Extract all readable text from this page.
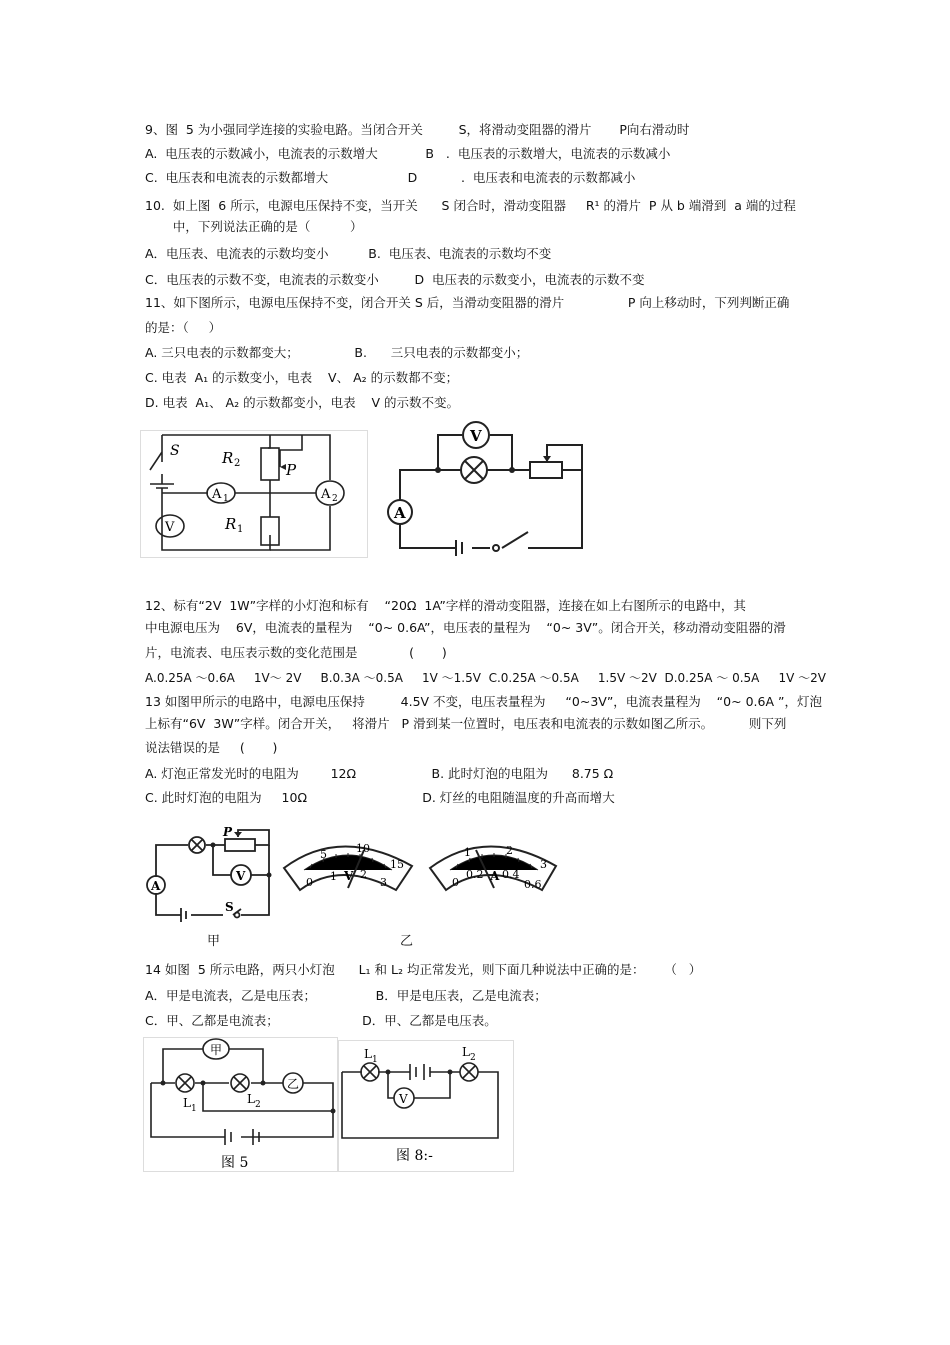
9、图  5 为小强同学连接的实验电路。当闭合开关         S，将滑动变阻器的滑片       P向右滑动时
A.  电压表的示数减小，电流表的示数增大            B   .  电压表的示数增大，电流表的示数减小
C.  电压表和电流表的示数都增大                    D           .  电压表和电流表的示数都减小
10.  如上图  6 所示，电源电压保持不变，当开关      S 闭合时，滑动变阻器     R¹ 的滑片  P 从 b 端滑到  a 端的过程
中，下列说法正确的是（          ）
A．电压表、电流表的示数均变小          B.  电压表、电流表的示数均不变
C．电压表的示数不变，电流表的示数变小         D  电压表的示数变小，电流表的示数不变
11、如下图所示，电源电压保持不变，闭合开关 S 后，当滑动变阻器的滑片                P 向上移动时，下列判断正确
的是：（     ）
A. 三只电表的示数都变大；              B.      三只电表的示数都变小；
C. 电表  A₁ 的示数变小，电表    V、 A₂ 的示数都不变；
D. 电表  A₁、 A₂ 的示数都变小，电表    V 的示数不变。
S	R 2	P
R 1
A 1	A 2
V
V
A
12、标有“2V  1W”字样的小灯泡和标有    “20Ω  1A”字样的滑动变阻器，连接在如上右图所示的电路中，其
中电源电压为    6V，电流表的量程为    “0~ 0.6A”，电压表的量程为    “0~ 3V”。闭合开关，移动滑动变阻器的滑
片，电流表、电压表示数的变化范围是             (       )
A.0.25A ～0.6A     1V～ 2V     B.0.3A ～0.5A     1V ～1.5V  C.0.25A ～0.5A     1.5V ～2V  D.0.25A ～ 0.5A     1V ～2V
13 如图甲所示的电路中，电源电压保持         4.5V 不变，电压表量程为     “0~3V”，电流表量程为    “0~ 0.6A ”，灯泡
上标有“6V  3W”字样。闭合开关，   将滑片   P 滑到某一位置时，电压表和电流表的示数如图乙所示。         则下列
说法错误的是     (       )
A. 灯泡正常发光时的电阻为        12Ω                   B. 此时灯泡的电阻为      8.75 Ω
C. 此时灯泡的电阻为     10Ω                             D. 灯丝的电阻随温度的升高而增大
P
V
A
S
甲
5	10
15
0 1 2
3
V
1	2
3
0
0.2 0.4
0.6
A
乙
14 如图  5 所示电路，两只小灯泡      L₁ 和 L₂ 均正常发光，则下面几种说法中正确的是：     （   ）
A．甲是电流表，乙是电压表；               B．甲是电压表，乙是电流表；
C．甲、乙都是电流表；                     D．甲、乙都是电压表。
甲
乙
L 1
L 2
图 5
L 1
L 2
V
图 8:-
